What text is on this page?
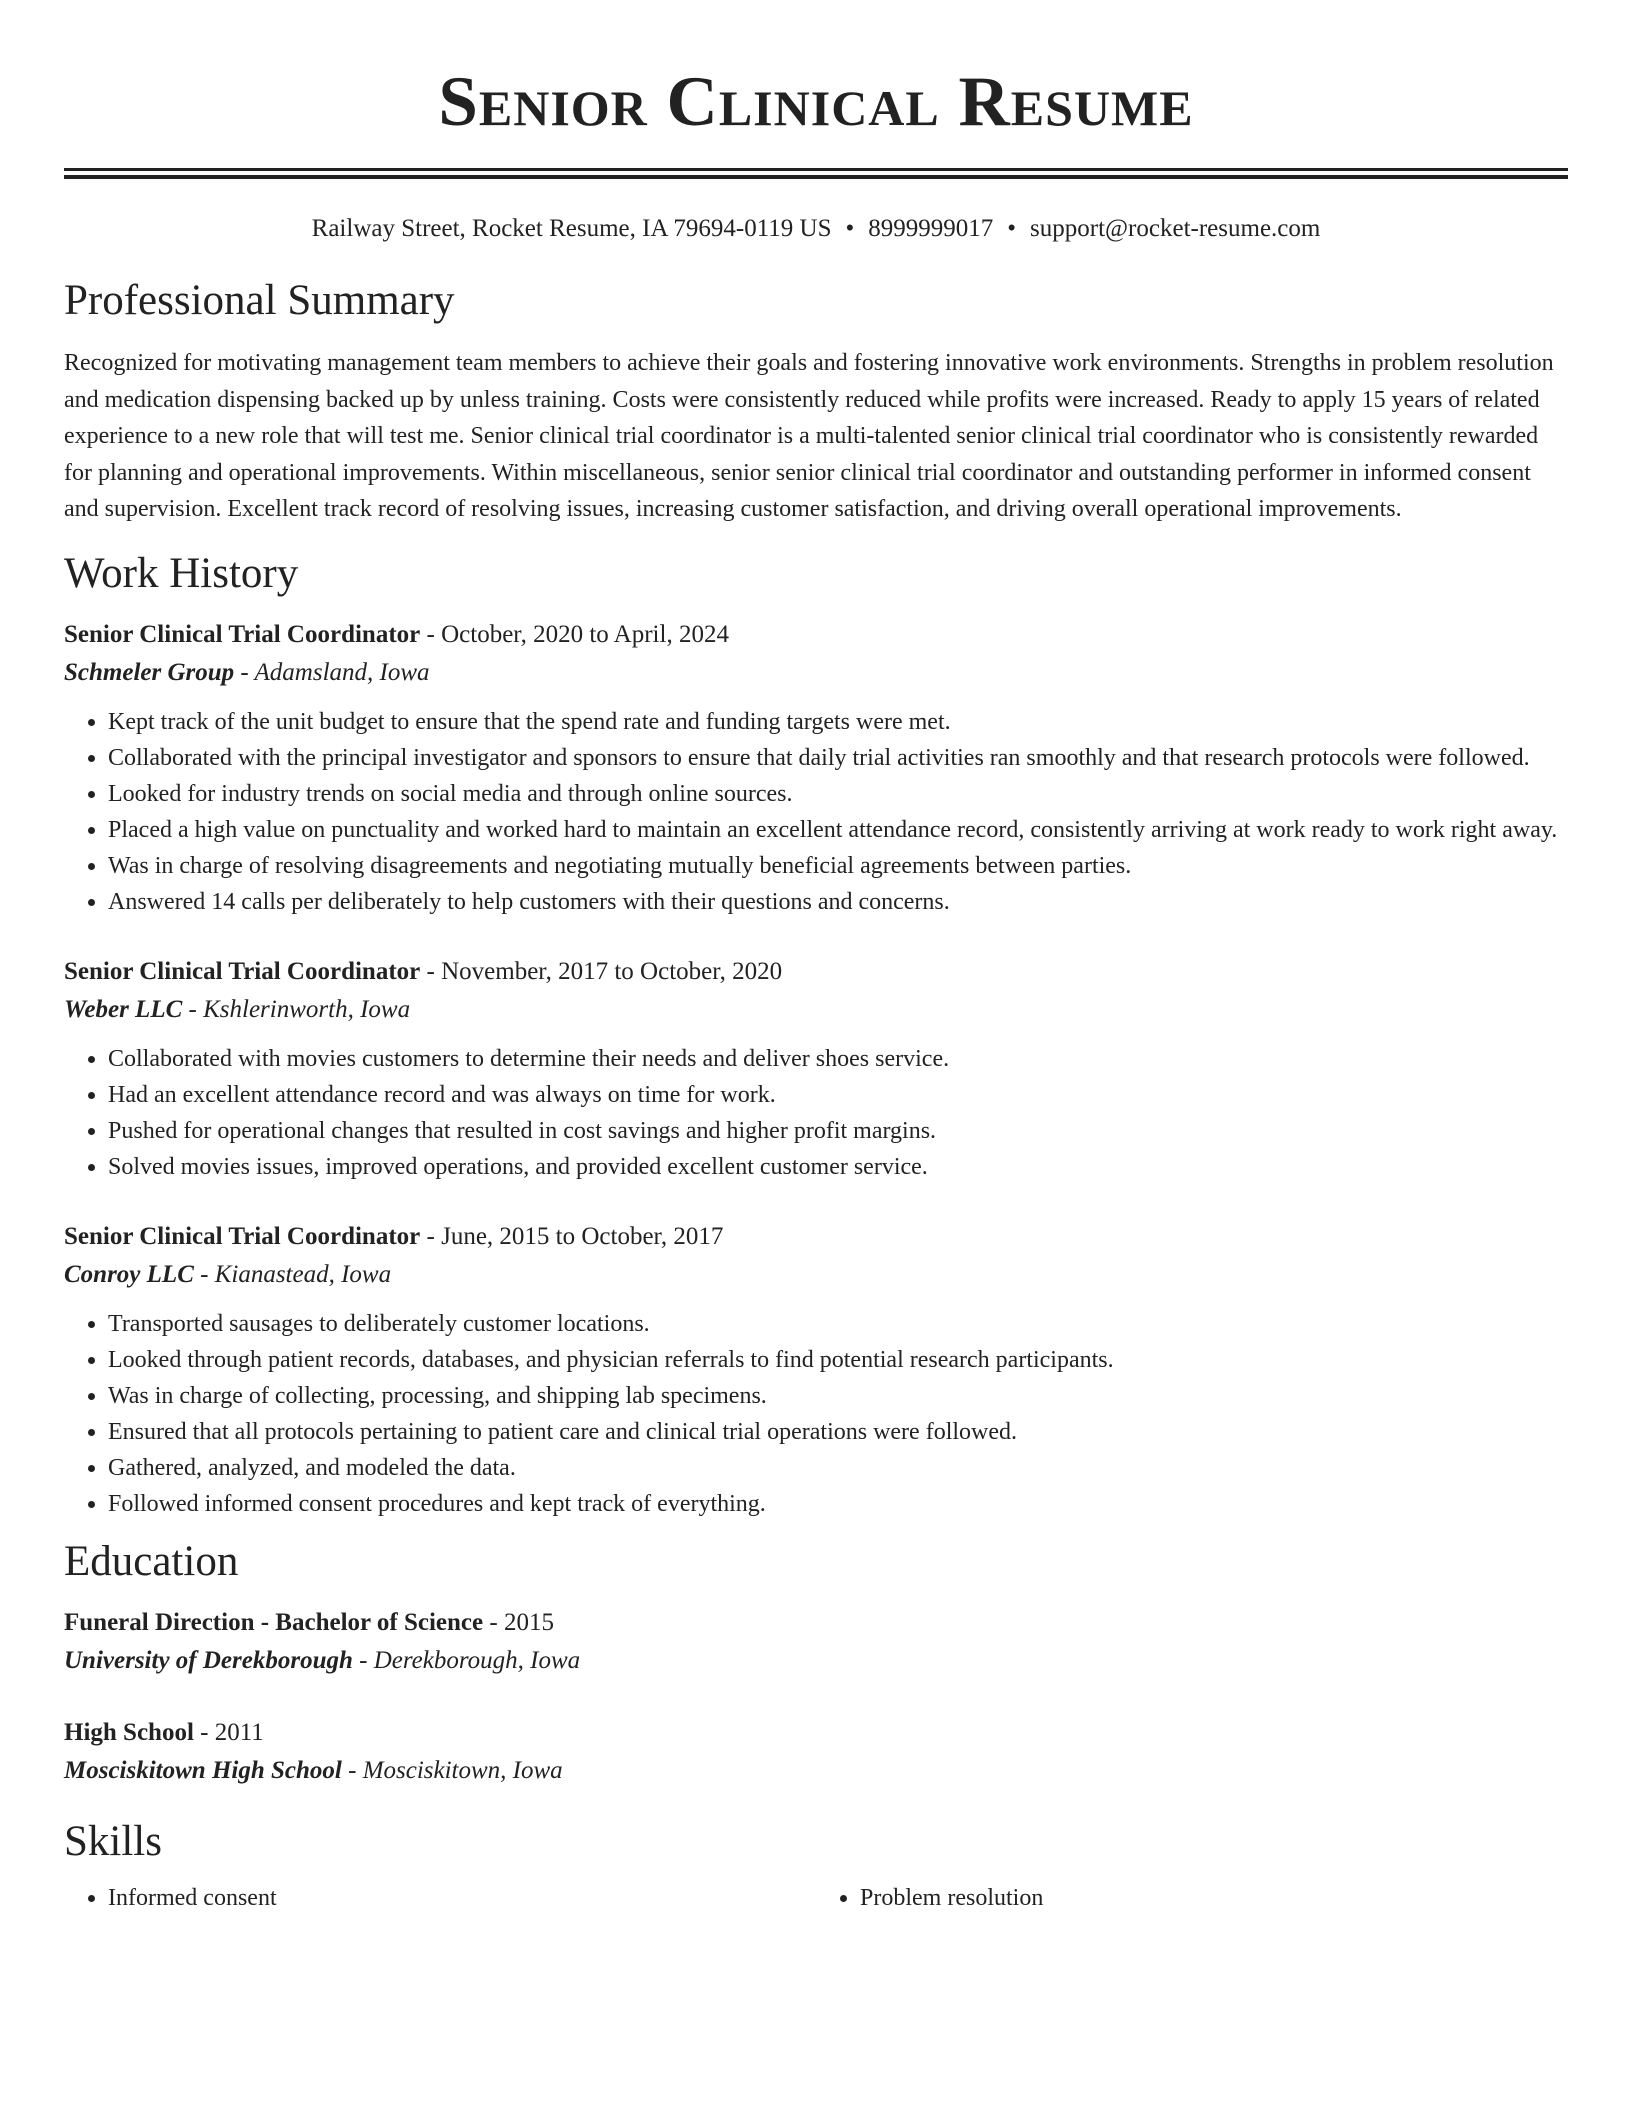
Senior Clinical Resume
Railway Street, Rocket Resume, IA 79694-0119 US • 8999999017 • support@rocket-resume.com
Professional Summary
Recognized for motivating management team members to achieve their goals and fostering innovative work environments. Strengths in problem resolution and medication dispensing backed up by unless training. Costs were consistently reduced while profits were increased. Ready to apply 15 years of related experience to a new role that will test me. Senior clinical trial coordinator is a multi-talented senior clinical trial coordinator who is consistently rewarded for planning and operational improvements. Within miscellaneous, senior senior clinical trial coordinator and outstanding performer in informed consent and supervision. Excellent track record of resolving issues, increasing customer satisfaction, and driving overall operational improvements.
Work History
Senior Clinical Trial Coordinator - October, 2020 to April, 2024
Schmeler Group - Adamsland, Iowa
• Kept track of the unit budget to ensure that the spend rate and funding targets were met.
• Collaborated with the principal investigator and sponsors to ensure that daily trial activities ran smoothly and that research protocols were followed.
• Looked for industry trends on social media and through online sources.
• Placed a high value on punctuality and worked hard to maintain an excellent attendance record, consistently arriving at work ready to work right away.
• Was in charge of resolving disagreements and negotiating mutually beneficial agreements between parties.
• Answered 14 calls per deliberately to help customers with their questions and concerns.
Senior Clinical Trial Coordinator - November, 2017 to October, 2020
Weber LLC - Kshlerinworth, Iowa
• Collaborated with movies customers to determine their needs and deliver shoes service.
• Had an excellent attendance record and was always on time for work.
• Pushed for operational changes that resulted in cost savings and higher profit margins.
• Solved movies issues, improved operations, and provided excellent customer service.
Senior Clinical Trial Coordinator - June, 2015 to October, 2017
Conroy LLC - Kianastead, Iowa
• Transported sausages to deliberately customer locations.
• Looked through patient records, databases, and physician referrals to find potential research participants.
• Was in charge of collecting, processing, and shipping lab specimens.
• Ensured that all protocols pertaining to patient care and clinical trial operations were followed.
• Gathered, analyzed, and modeled the data.
• Followed informed consent procedures and kept track of everything.
Education
Funeral Direction - Bachelor of Science - 2015
University of Derekborough - Derekborough, Iowa
High School - 2011
Mosciskitown High School - Mosciskitown, Iowa
Skills
• Informed consent
•	Problem resolution
